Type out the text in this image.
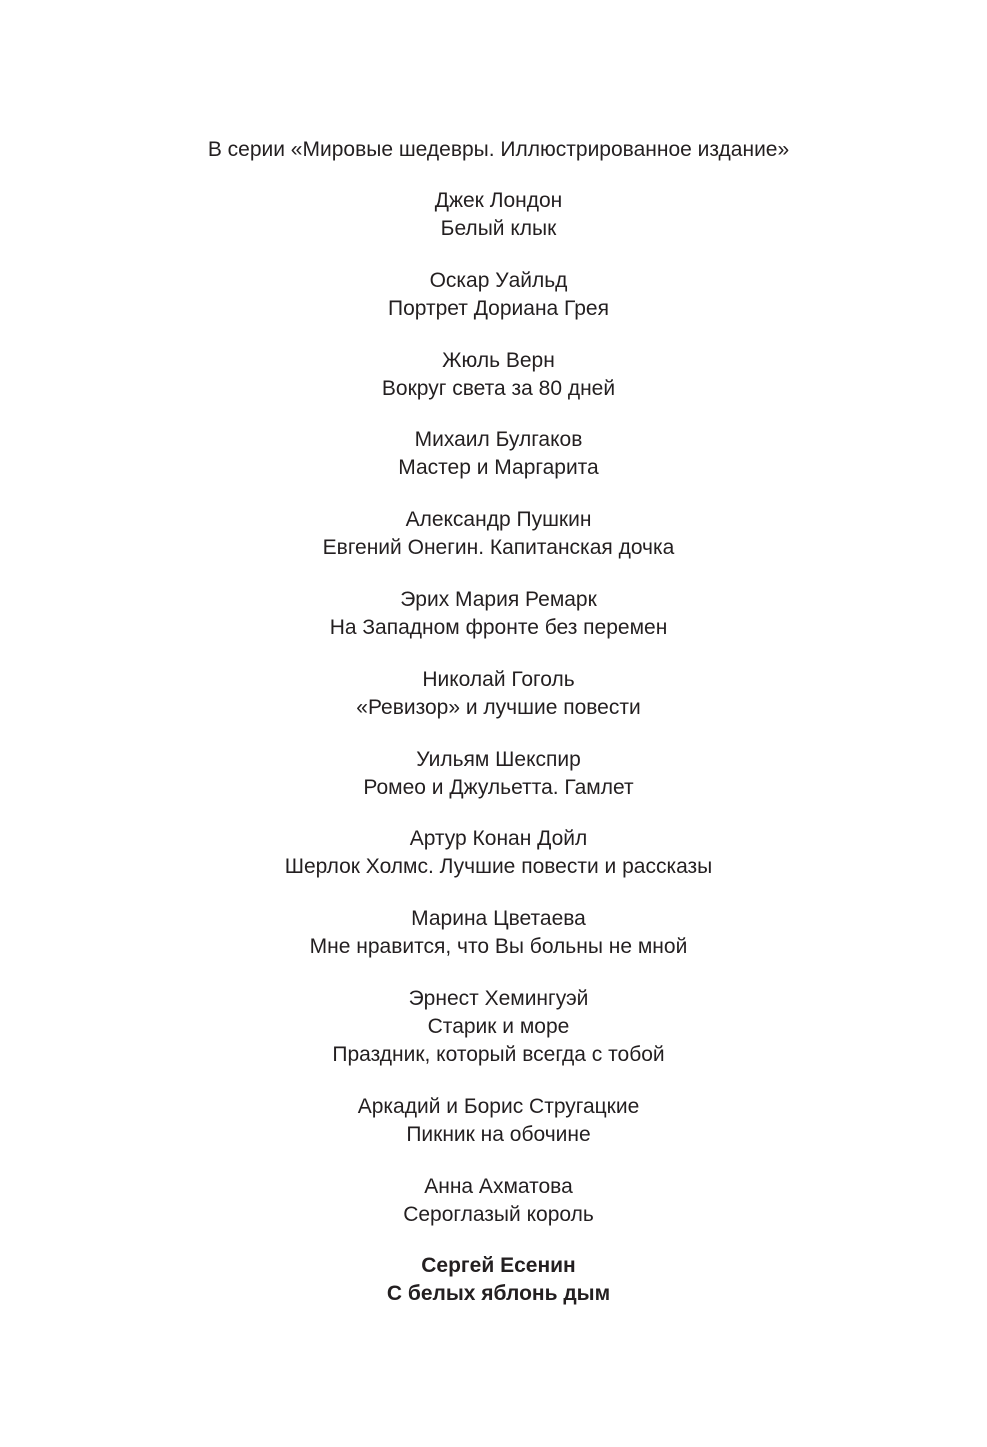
В серии «Мировые шедевры. Иллюстрированное издание»
Джек Лондон
Белый клык
Оскар Уайльд
Портрет Дориана Грея
Жюль Верн
Вокруг света за 80 дней
Михаил Булгаков
Мастер и Маргарита
Александр Пушкин
Евгений Онегин. Капитанская дочка
Эрих Мария Ремарк
На Западном фронте без перемен
Николай Гоголь
«Ревизор» и лучшие повести
Уильям Шекспир
Ромео и Джульетта. Гамлет
Артур Конан Дойл
Шерлок Холмс. Лучшие повести и рассказы
Марина Цветаева
Мне нравится, что Вы больны не мной
Эрнест Хемингуэй
Старик и море
Праздник, который всегда с тобой
Аркадий и Борис Стругацкие
Пикник на обочине
Анна Ахматова
Сероглазый король
Сергей Есенин
С белых яблонь дым
